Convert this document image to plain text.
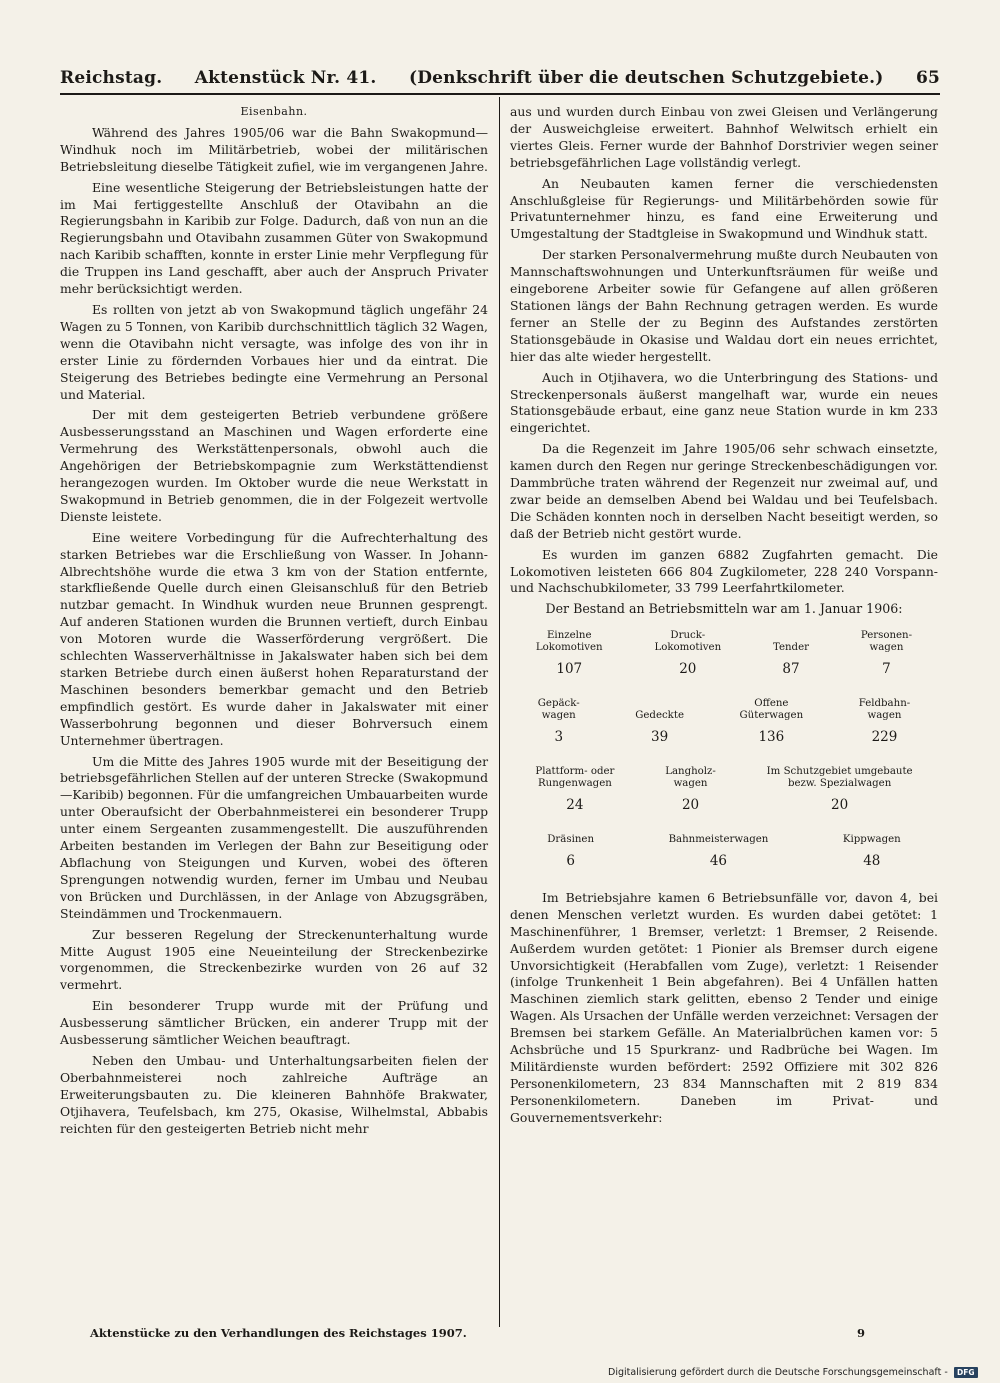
Reichstag. Aktenstück Nr. 41. (Denkschrift über die deutschen Schutzgebiete.) 65
Eisenbahn.

Während des Jahres 1905/06 war die Bahn Swakopmund—Windhuk noch im Militärbetrieb, wobei der militärischen Betriebsleitung dieselbe Tätigkeit zufiel, wie im vergangenen Jahre.

Eine wesentliche Steigerung der Betriebsleistungen hatte der im Mai fertiggestellte Anschluß der Otavibahn an die Regierungsbahn in Karibib zur Folge. Dadurch, daß von nun an die Regierungsbahn und Otavibahn zusammen Güter von Swakopmund nach Karibib schafften, konnte in erster Linie mehr Verpflegung für die Truppen ins Land geschafft, aber auch der Anspruch Privater mehr berücksichtigt werden.

Es rollten von jetzt ab von Swakopmund täglich ungefähr 24 Wagen zu 5 Tonnen, von Karibib durchschnittlich täglich 32 Wagen, wenn die Otavibahn nicht versagte, was infolge des von ihr in erster Linie zu fördernden Vorbaues hier und da eintrat. Die Steigerung des Betriebes bedingte eine Vermehrung an Personal und Material.

Der mit dem gesteigerten Betrieb verbundene größere Ausbesserungsstand an Maschinen und Wagen erforderte eine Vermehrung des Werkstättenpersonals, obwohl auch die Angehörigen der Betriebskompagnie zum Werkstättendienst herangezogen wurden. Im Oktober wurde die neue Werkstatt in Swakopmund in Betrieb genommen, die in der Folgezeit wertvolle Dienste leistete.

Eine weitere Vorbedingung für die Aufrechterhaltung des starken Betriebes war die Erschließung von Wasser. In Johann-Albrechtshöhe wurde die etwa 3 km von der Station entfernte, starkfließende Quelle durch einen Gleisanschluß für den Betrieb nutzbar gemacht. In Windhuk wurden neue Brunnen gesprengt. Auf anderen Stationen wurden die Brunnen vertieft, durch Einbau von Motoren wurde die Wasserförderung vergrößert. Die schlechten Wasserverhältnisse in Jakalswater haben sich bei dem starken Betriebe durch einen äußerst hohen Reparaturstand der Maschinen besonders bemerkbar gemacht und den Betrieb empfindlich gestört. Es wurde daher in Jakalswater mit einer Wasserbohrung begonnen und dieser Bohrversuch einem Unternehmer übertragen.

Um die Mitte des Jahres 1905 wurde mit der Beseitigung der betriebsgefährlichen Stellen auf der unteren Strecke (Swakopmund—Karibib) begonnen. Für die umfangreichen Umbauarbeiten wurde unter Oberaufsicht der Oberbahnmeisterei ein besonderer Trupp unter einem Sergeanten zusammengestellt. Die auszuführenden Arbeiten bestanden im Verlegen der Bahn zur Beseitigung oder Abflachung von Steigungen und Kurven, wobei des öfteren Sprengungen notwendig wurden, ferner im Umbau und Neubau von Brücken und Durchlässen, in der Anlage von Abzugsgräben, Steindämmen und Trockenmauern.

Zur besseren Regelung der Streckenunterhaltung wurde Mitte August 1905 eine Neueinteilung der Streckenbezirke vorgenommen, die Streckenbezirke wurden von 26 auf 32 vermehrt.

Ein besonderer Trupp wurde mit der Prüfung und Ausbesserung sämtlicher Brücken, ein anderer Trupp mit der Ausbesserung sämtlicher Weichen beauftragt.

Neben den Umbau- und Unterhaltungsarbeiten fielen der Oberbahnmeisterei noch zahlreiche Aufträge an Erweiterungsbauten zu. Die kleineren Bahnhöfe Brakwater, Otjihavera, Teufelsbach, km 275, Okasise, Wilhelmstal, Abbabis reichten für den gesteigerten Betrieb nicht mehr

aus und wurden durch Einbau von zwei Gleisen und Verlängerung der Ausweichgleise erweitert. Bahnhof Welwitsch erhielt ein viertes Gleis. Ferner wurde der Bahnhof Dorstrivier wegen seiner betriebsgefährlichen Lage vollständig verlegt.

An Neubauten kamen ferner die verschiedensten Anschlußgleise für Regierungs- und Militärbehörden sowie für Privatunternehmer hinzu, es fand eine Erweiterung und Umgestaltung der Stadtgleise in Swakopmund und Windhuk statt.

Der starken Personalvermehrung mußte durch Neubauten von Mannschaftswohnungen und Unterkunftsräumen für weiße und eingeborene Arbeiter sowie für Gefangene auf allen größeren Stationen längs der Bahn Rechnung getragen werden. Es wurde ferner an Stelle der zu Beginn des Aufstandes zerstörten Stationsgebäude in Okasise und Waldau dort ein neues errichtet, hier das alte wieder hergestellt.

Auch in Otjihavera, wo die Unterbringung des Stations- und Streckenpersonals äußerst mangelhaft war, wurde ein neues Stationsgebäude erbaut, eine ganz neue Station wurde in km 233 eingerichtet.

Da die Regenzeit im Jahre 1905/06 sehr schwach einsetzte, kamen durch den Regen nur geringe Streckenbeschädigungen vor. Dammbrüche traten während der Regenzeit nur zweimal auf, und zwar beide an demselben Abend bei Waldau und bei Teufelsbach. Die Schäden konnten noch in derselben Nacht beseitigt werden, so daß der Betrieb nicht gestört wurde.

Es wurden im ganzen 6882 Zugfahrten gemacht. Die Lokomotiven leisteten 666 804 Zugkilometer, 228 240 Vorspann- und Nachschubkilometer, 33 799 Leerfahrtkilometer.

Der Bestand an Betriebsmitteln war am 1. Januar 1906:

Einzelne
Lokomotiven
107
Druck-
Lokomotiven
20
Tender
87
Personen-
wagen
7
Gepäck-
wagen
3
Gedeckte
39
Offene
Güterwagen
136
Feldbahn-
wagen
229
Plattform- oder
Rungenwagen
24
Langholz-
wagen
20
Im Schutzgebiet umgebaute
bezw. Spezialwagen
20
Dräsinen
6
Bahnmeisterwagen
46
Kippwagen
48

Im Betriebsjahre kamen 6 Betriebsunfälle vor, davon 4, bei denen Menschen verletzt wurden. Es wurden dabei getötet: 1 Maschinenführer, 1 Bremser, verletzt: 1 Bremser, 2 Reisende. Außerdem wurden getötet: 1 Pionier als Bremser durch eigene Unvorsichtigkeit (Herabfallen vom Zuge), verletzt: 1 Reisender (infolge Trunkenheit 1 Bein abgefahren). Bei 4 Unfällen hatten Maschinen ziemlich stark gelitten, ebenso 2 Tender und einige Wagen. Als Ursachen der Unfälle werden verzeichnet: Versagen der Bremsen bei starkem Gefälle. An Materialbrüchen kamen vor: 5 Achsbrüche und 15 Spurkranz- und Radbrüche bei Wagen. Im Militärdienste wurden befördert: 2592 Offiziere mit 302 826 Personenkilometern, 23 834 Mannschaften mit 2 819 834 Personenkilometern. Daneben im Privat- und Gouvernementsverkehr:

Aktenstücke zu den Verhandlungen des Reichstages 1907.	9
Digitalisierung gefördert durch die Deutsche Forschungsgemeinschaft -	DFG
